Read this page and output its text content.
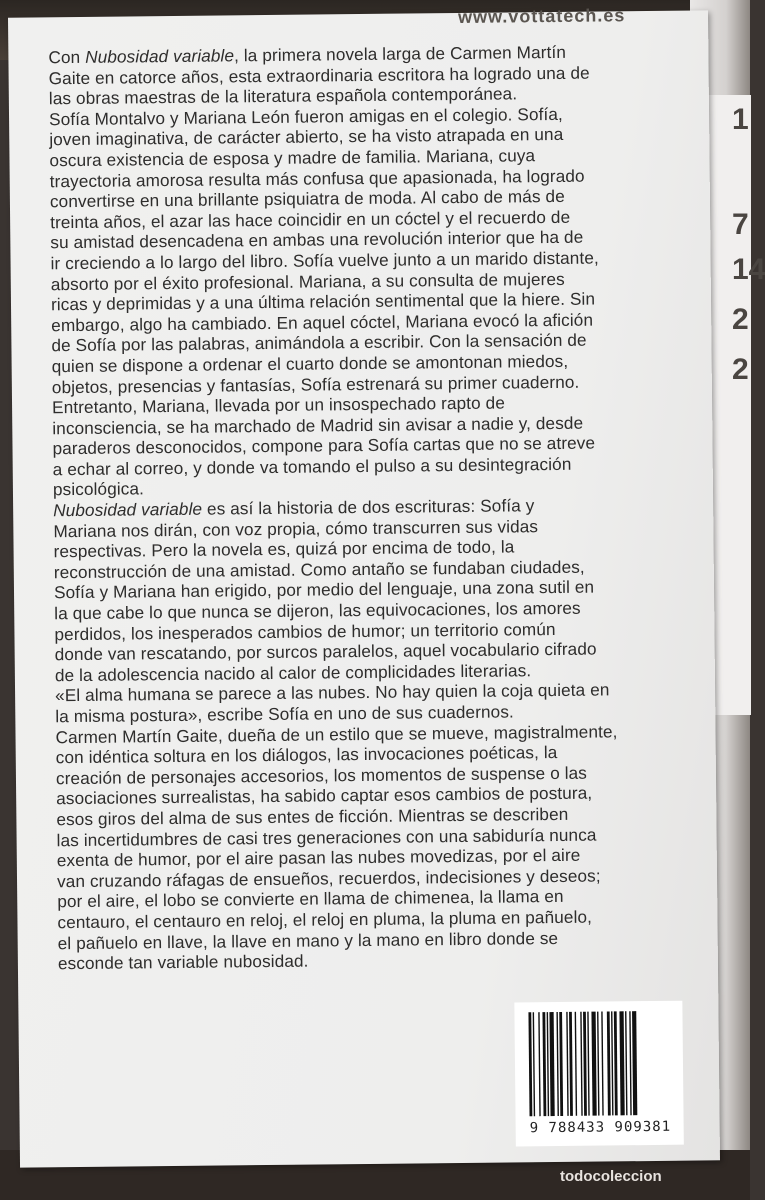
1
7
14
2
2
www.vottatech.es
Con Nubosidad variable, la primera novela larga de Carmen Martín
Gaite en catorce años, esta extraordinaria escritora ha logrado una de
las obras maestras de la literatura española contemporánea.
Sofía Montalvo y Mariana León fueron amigas en el colegio. Sofía,
joven imaginativa, de carácter abierto, se ha visto atrapada en una
oscura existencia de esposa y madre de familia. Mariana, cuya
trayectoria amorosa resulta más confusa que apasionada, ha logrado
convertirse en una brillante psiquiatra de moda. Al cabo de más de
treinta años, el azar las hace coincidir en un cóctel y el recuerdo de
su amistad desencadena en ambas una revolución interior que ha de
ir creciendo a lo largo del libro. Sofía vuelve junto a un marido distante,
absorto por el éxito profesional. Mariana, a su consulta de mujeres
ricas y deprimidas y a una última relación sentimental que la hiere. Sin
embargo, algo ha cambiado. En aquel cóctel, Mariana evocó la afición
de Sofía por las palabras, animándola a escribir. Con la sensación de
quien se dispone a ordenar el cuarto donde se amontonan miedos,
objetos, presencias y fantasías, Sofía estrenará su primer cuaderno.
Entretanto, Mariana, llevada por un insospechado rapto de
inconsciencia, se ha marchado de Madrid sin avisar a nadie y, desde
paraderos desconocidos, compone para Sofía cartas que no se atreve
a echar al correo, y donde va tomando el pulso a su desintegración
psicológica.
Nubosidad variable es así la historia de dos escrituras: Sofía y
Mariana nos dirán, con voz propia, cómo transcurren sus vidas
respectivas. Pero la novela es, quizá por encima de todo, la
reconstrucción de una amistad. Como antaño se fundaban ciudades,
Sofía y Mariana han erigido, por medio del lenguaje, una zona sutil en
la que cabe lo que nunca se dijeron, las equivocaciones, los amores
perdidos, los inesperados cambios de humor; un territorio común
donde van rescatando, por surcos paralelos, aquel vocabulario cifrado
de la adolescencia nacido al calor de complicidades literarias.
«El alma humana se parece a las nubes. No hay quien la coja quieta en
la misma postura», escribe Sofía en uno de sus cuadernos.
Carmen Martín Gaite, dueña de un estilo que se mueve, magistralmente,
con idéntica soltura en los diálogos, las invocaciones poéticas, la
creación de personajes accesorios, los momentos de suspense o las
asociaciones surrealistas, ha sabido captar esos cambios de postura,
esos giros del alma de sus entes de ficción. Mientras se describen
las incertidumbres de casi tres generaciones con una sabiduría nunca
exenta de humor, por el aire pasan las nubes movedizas, por el aire
van cruzando ráfagas de ensueños, recuerdos, indecisiones y deseos;
por el aire, el lobo se convierte en llama de chimenea, la llama en
centauro, el centauro en reloj, el reloj en pluma, la pluma en pañuelo,
el pañuelo en llave, la llave en mano y la mano en libro donde se
esconde tan variable nubosidad.
9 788433 909381
todocoleccion
